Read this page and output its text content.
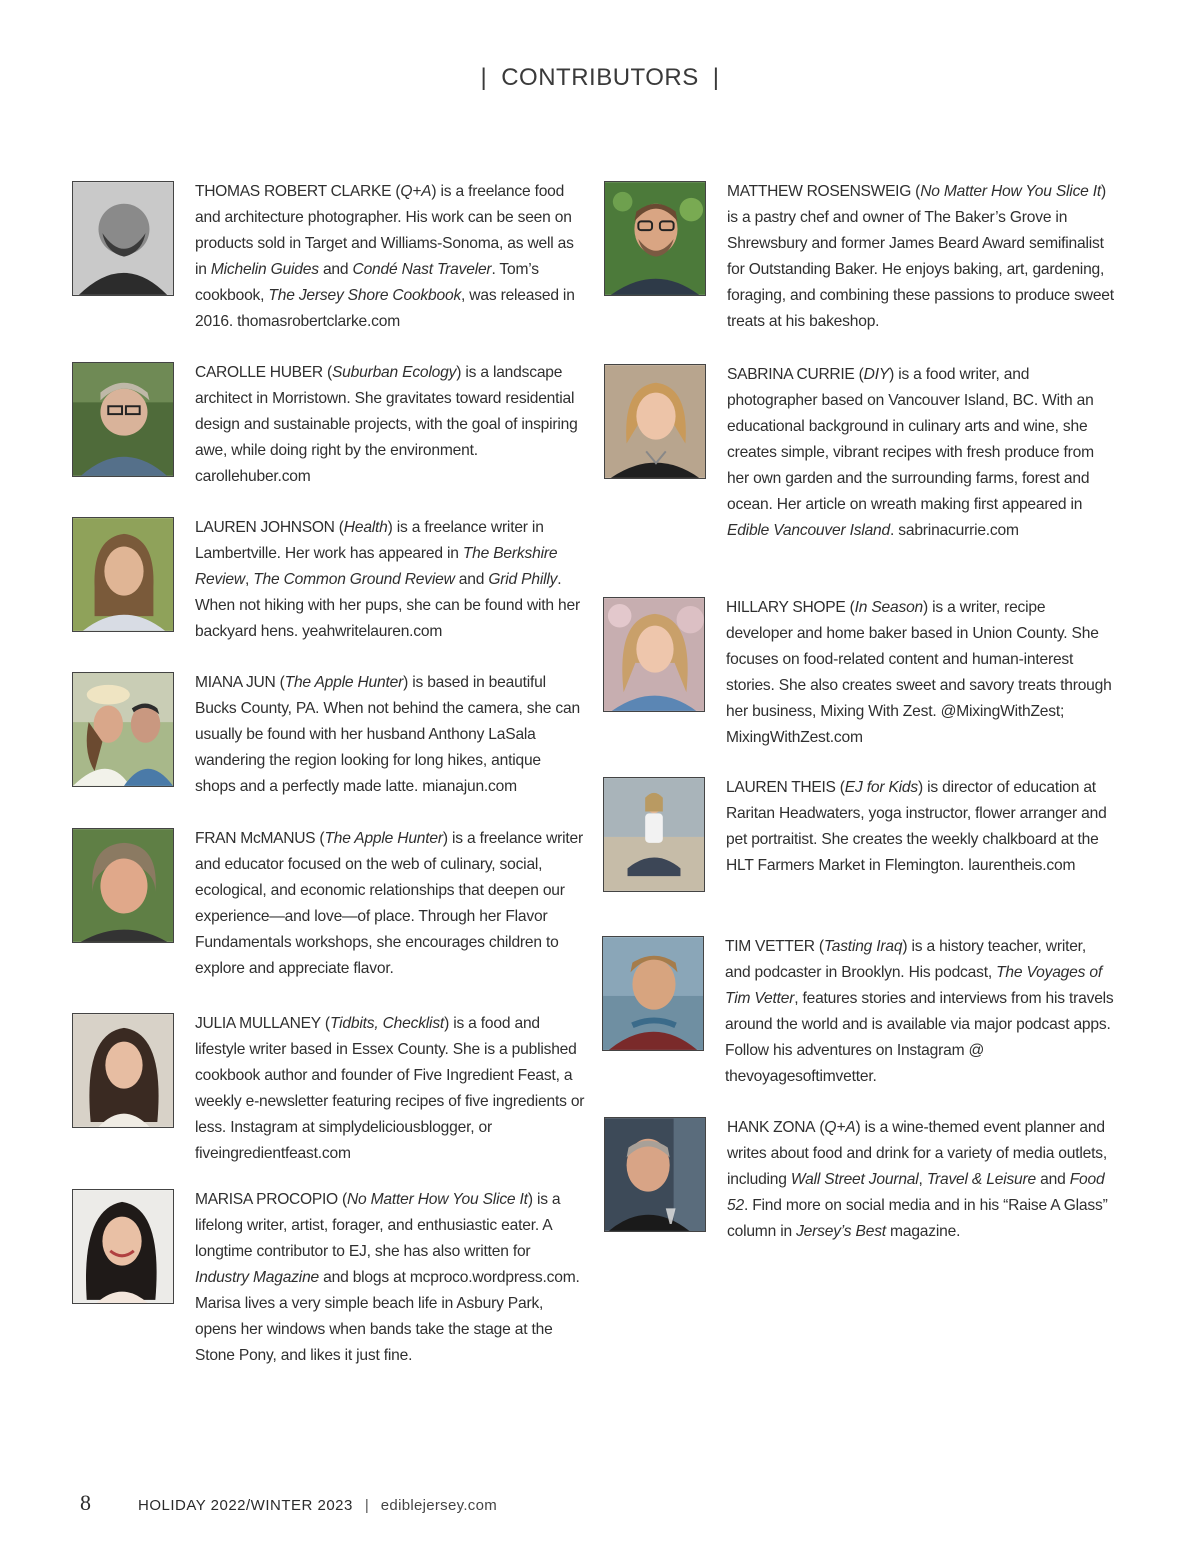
| CONTRIBUTORS |
THOMAS ROBERT CLARKE (Q+A) is a freelance food and architecture photographer. His work can be seen on products sold in Target and Williams-Sonoma, as well as in Michelin Guides and Condé Nast Traveler. Tom’s cookbook, The Jersey Shore Cookbook, was released in 2016. thomasrobertclarke.com
CAROLLE HUBER (Suburban Ecology) is a landscape architect in Morristown. She gravitates toward residential design and sustainable projects, with the goal of inspiring awe, while doing right by the environment. carollehuber.com
LAUREN JOHNSON (Health) is a freelance writer in Lambertville. Her work has appeared in The Berkshire Review, The Common Ground Review and Grid Philly. When not hiking with her pups, she can be found with her backyard hens. yeahwritelauren.com
MIANA JUN (The Apple Hunter) is based in beautiful Bucks County, PA. When not behind the camera, she can usually be found with her husband Anthony LaSala wandering the region looking for long hikes, antique shops and a perfectly made latte. mianajun.com
FRAN McMANUS (The Apple Hunter) is a freelance writer and educator focused on the web of culinary, social, ecological, and economic relationships that deepen our experience—and love—of place. Through her Flavor Fundamentals workshops, she encourages children to explore and appreciate flavor.
JULIA MULLANEY (Tidbits, Checklist) is a food and lifestyle writer based in Essex County. She is a published cookbook author and founder of Five Ingredient Feast, a weekly e-newsletter featuring recipes of five ingredients or less. Instagram at simplydeliciousblogger, or fiveingredientfeast.com
MARISA PROCOPIO (No Matter How You Slice It) is a lifelong writer, artist, forager, and enthusiastic eater. A longtime contributor to EJ, she has also written for Industry Magazine and blogs at mcproco.wordpress.com. Marisa lives a very simple beach life in Asbury Park, opens her windows when bands take the stage at the Stone Pony, and likes it just fine.
MATTHEW ROSENSWEIG (No Matter How You Slice It) is a pastry chef and owner of The Baker’s Grove in Shrewsbury and former James Beard Award semifinalist for Outstanding Baker. He enjoys baking, art, gardening, foraging, and combining these passions to produce sweet treats at his bakeshop.
SABRINA CURRIE (DIY) is a food writer, and photographer based on Vancouver Island, BC. With an educational background in culinary arts and wine, she creates simple, vibrant recipes with fresh produce from her own garden and the surrounding farms, forest and ocean. Her article on wreath making first appeared in Edible Vancouver Island. sabrinacurrie.com
HILLARY SHOPE (In Season) is a writer, recipe developer and home baker based in Union County. She focuses on food-related content and human-interest stories. She also creates sweet and savory treats through her business, Mixing With Zest. @MixingWithZest; MixingWithZest.com
LAUREN THEIS (EJ for Kids) is director of education at Raritan Headwaters, yoga instructor, flower arranger and pet portraitist. She creates the weekly chalkboard at the HLT Farmers Market in Flemington. laurentheis.com
TIM VETTER (Tasting Iraq) is a history teacher, writer, and podcaster in Brooklyn. His podcast, The Voyages of Tim Vetter, features stories and interviews from his travels around the world and is available via major podcast apps. Follow his adventures on Instagram @ thevoyagesoftimvetter.
HANK ZONA (Q+A) is a wine-themed event planner and writes about food and drink for a variety of media outlets, including Wall Street Journal, Travel & Leisure and Food 52. Find more on social media and in his “Raise A Glass” column in Jersey’s Best magazine.
8	HOLIDAY 2022/WINTER 2023 | ediblejersey.com
